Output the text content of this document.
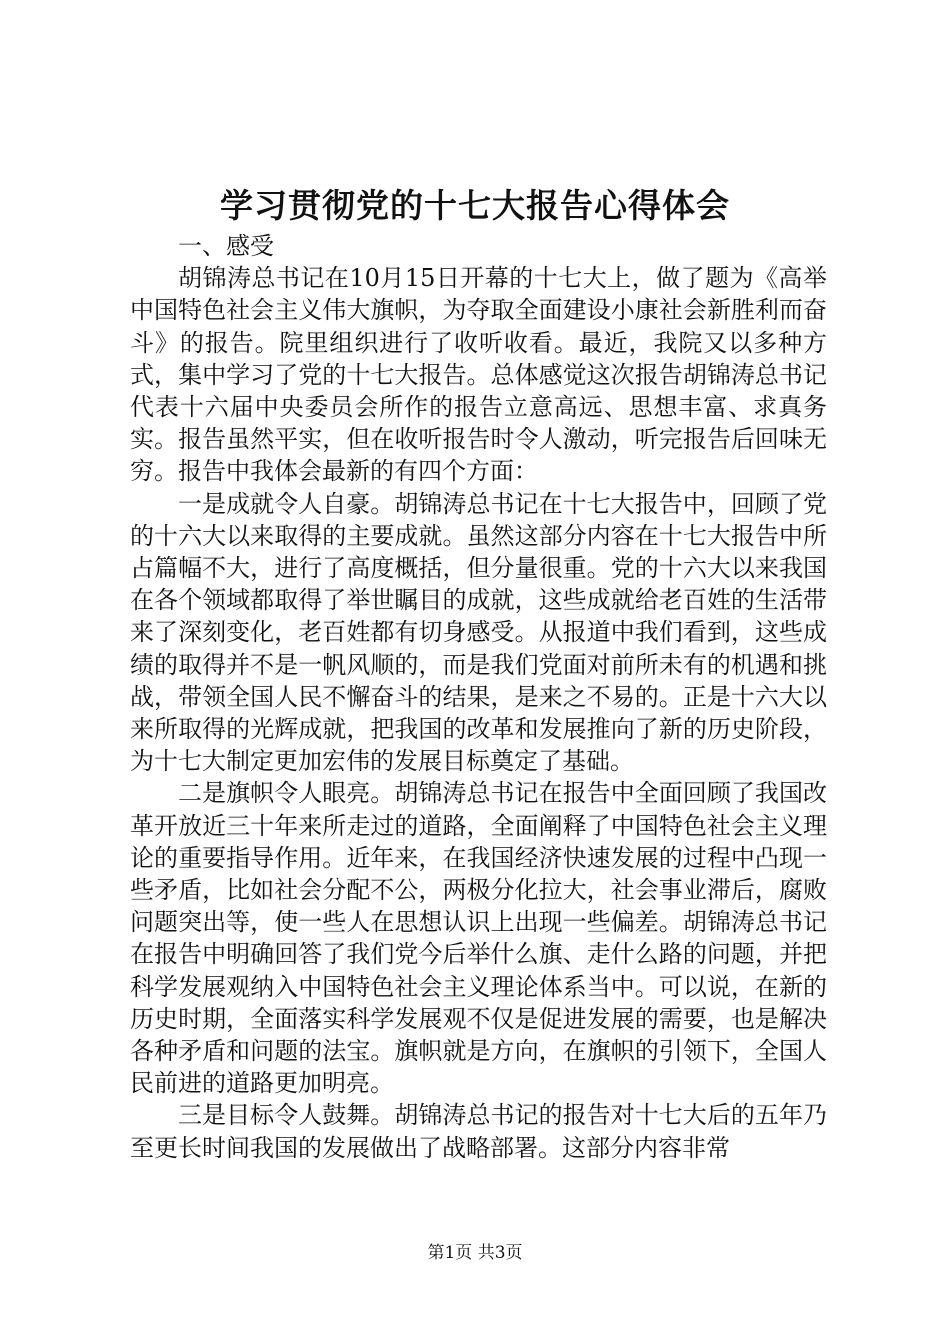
学习贯彻党的十七大报告心得体会

一、感受

胡锦涛总书记在10月15日开幕的十七大上，做了题为《高举中国特色社会主义伟大旗帜，为夺取全面建设小康社会新胜利而奋斗》的报告。院里组织进行了收听收看。最近，我院又以多种方式，集中学习了党的十七大报告。总体感觉这次报告胡锦涛总书记代表十六届中央委员会所作的报告立意高远、思想丰富、求真务实。报告虽然平实，但在收听报告时令人激动，听完报告后回味无穷。报告中我体会最新的有四个方面：

一是成就令人自豪。胡锦涛总书记在十七大报告中，回顾了党的十六大以来取得的主要成就。虽然这部分内容在十七大报告中所占篇幅不大，进行了高度概括，但分量很重。党的十六大以来我国在各个领域都取得了举世瞩目的成就，这些成就给老百姓的生活带来了深刻变化，老百姓都有切身感受。从报道中我们看到，这些成绩的取得并不是一帆风顺的，而是我们党面对前所未有的机遇和挑战，带领全国人民不懈奋斗的结果，是来之不易的。正是十六大以来所取得的光辉成就，把我国的改革和发展推向了新的历史阶段，为十七大制定更加宏伟的发展目标奠定了基础。

二是旗帜令人眼亮。胡锦涛总书记在报告中全面回顾了我国改革开放近三十年来所走过的道路，全面阐释了中国特色社会主义理论的重要指导作用。近年来，在我国经济快速发展的过程中凸现一些矛盾，比如社会分配不公，两极分化拉大，社会事业滞后，腐败问题突出等，使一些人在思想认识上出现一些偏差。胡锦涛总书记在报告中明确回答了我们党今后举什么旗、走什么路的问题，并把科学发展观纳入中国特色社会主义理论体系当中。可以说，在新的历史时期，全面落实科学发展观不仅是促进发展的需要，也是解决各种矛盾和问题的法宝。旗帜就是方向，在旗帜的引领下，全国人民前进的道路更加明亮。

三是目标令人鼓舞。胡锦涛总书记的报告对十七大后的五年乃至更长时间我国的发展做出了战略部署。这部分内容非常

第1页 共3页
